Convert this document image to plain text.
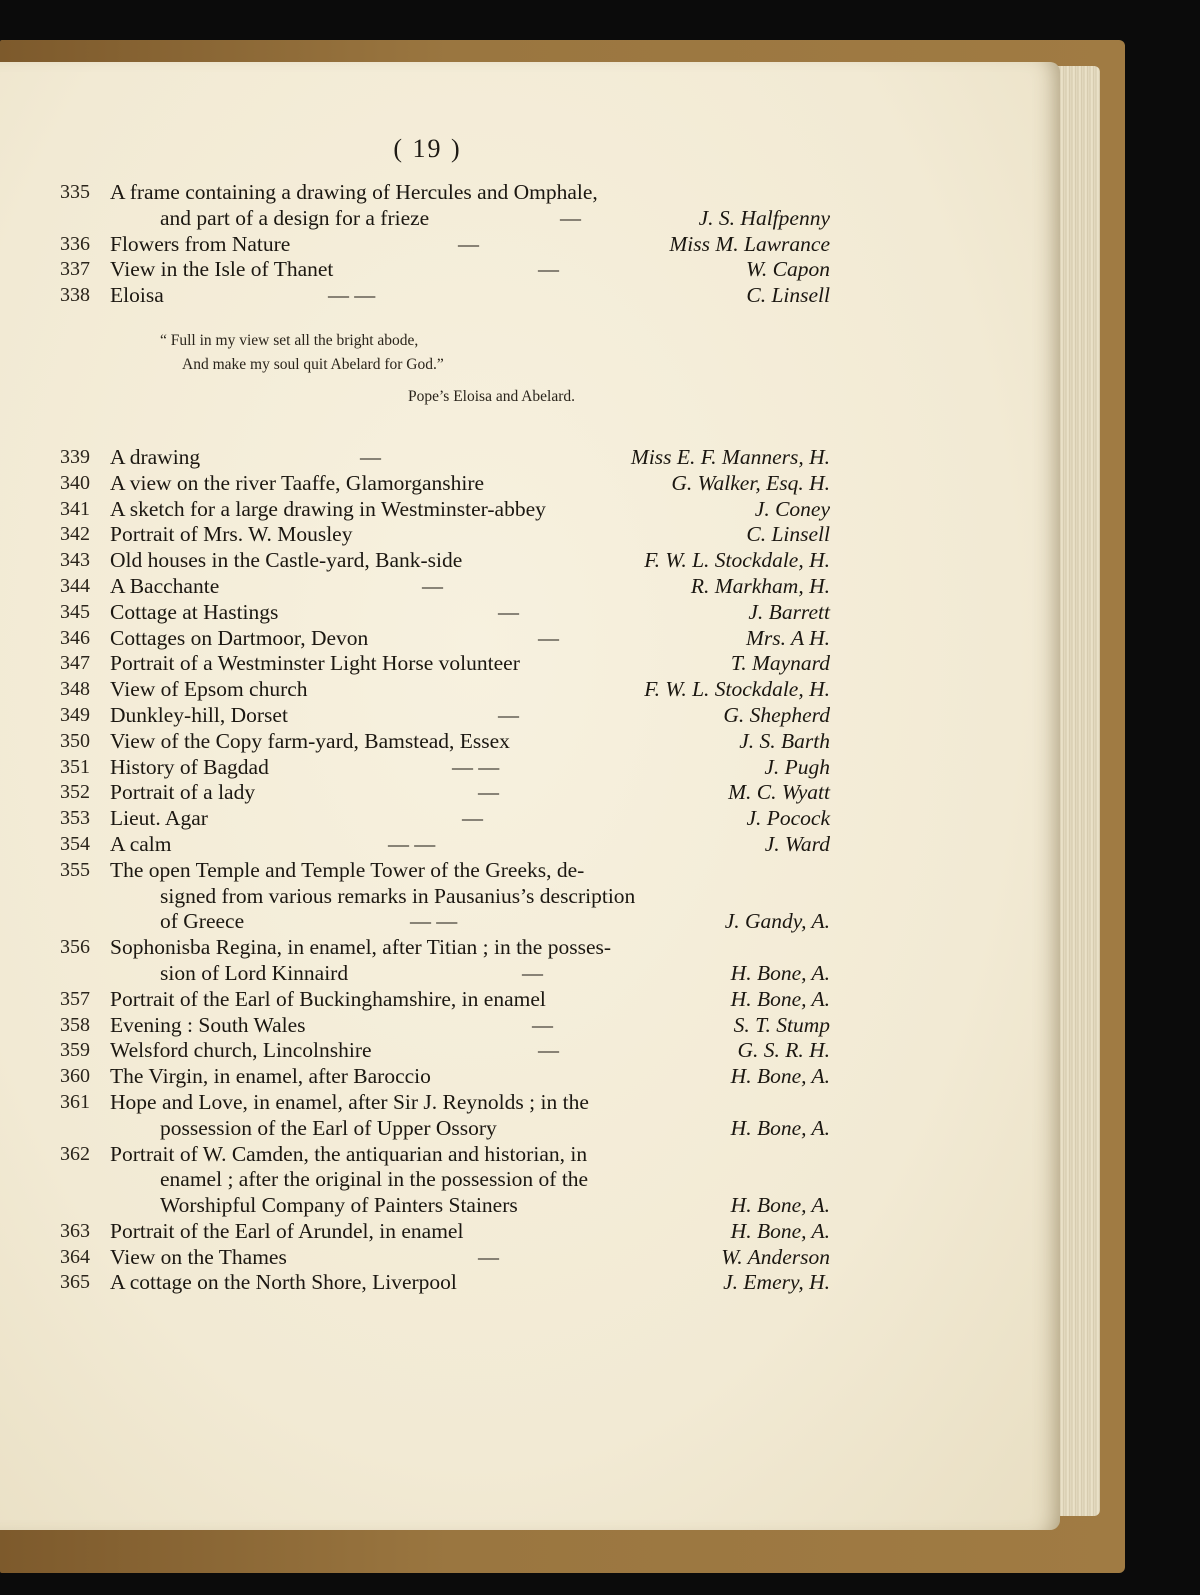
( 19 )
335 A frame containing a drawing of Hercules and Omphale,
and part of a design for a frieze	—	J. S. Halfpenny
336 Flowers from Nature	—	Miss M. Lawrance
337 View in the Isle of Thanet	—	W. Capon
338 Eloisa	— —	C. Linsell
“ Full in my view set all the bright abode,
And make my soul quit Abelard for God.”
Pope’s Eloisa and Abelard.
339 A drawing	—	Miss E. F. Manners, H.
340 A view on the river Taaffe, Glamorganshire	G. Walker, Esq. H.
341 A sketch for a large drawing in Westminster-abbey	J. Coney
342 Portrait of Mrs. W. Mousley	C. Linsell
343 Old houses in the Castle-yard, Bank-side	F. W. L. Stockdale, H.
344 A Bacchante	—	R. Markham, H.
345 Cottage at Hastings	—	J. Barrett
346 Cottages on Dartmoor, Devon	—	Mrs. A H.
347 Portrait of a Westminster Light Horse volunteer	T. Maynard
348 View of Epsom church	F. W. L. Stockdale, H.
349 Dunkley-hill, Dorset	—	G. Shepherd
350 View of the Copy farm-yard, Bamstead, Essex	J. S. Barth
351 History of Bagdad	— —	J. Pugh
352 Portrait of a lady	—	M. C. Wyatt
353 Lieut. Agar	—	J. Pocock
354 A calm	— —	J. Ward
355 The open Temple and Temple Tower of the Greeks, de-
signed from various remarks in Pausanius’s description
of Greece	— —	J. Gandy, A.
356 Sophonisba Regina, in enamel, after Titian ; in the posses-
sion of Lord Kinnaird	—	H. Bone, A.
357 Portrait of the Earl of Buckinghamshire, in enamel	H. Bone, A.
358 Evening : South Wales	—	S. T. Stump
359 Welsford church, Lincolnshire	—	G. S. R. H.
360 The Virgin, in enamel, after Baroccio	H. Bone, A.
361 Hope and Love, in enamel, after Sir J. Reynolds ; in the
possession of the Earl of Upper Ossory	H. Bone, A.
362 Portrait of W. Camden, the antiquarian and historian, in
enamel ; after the original in the possession of the
Worshipful Company of Painters Stainers	H. Bone, A.
363 Portrait of the Earl of Arundel, in enamel	H. Bone, A.
364 View on the Thames	—	W. Anderson
365 A cottage on the North Shore, Liverpool	J. Emery, H.
